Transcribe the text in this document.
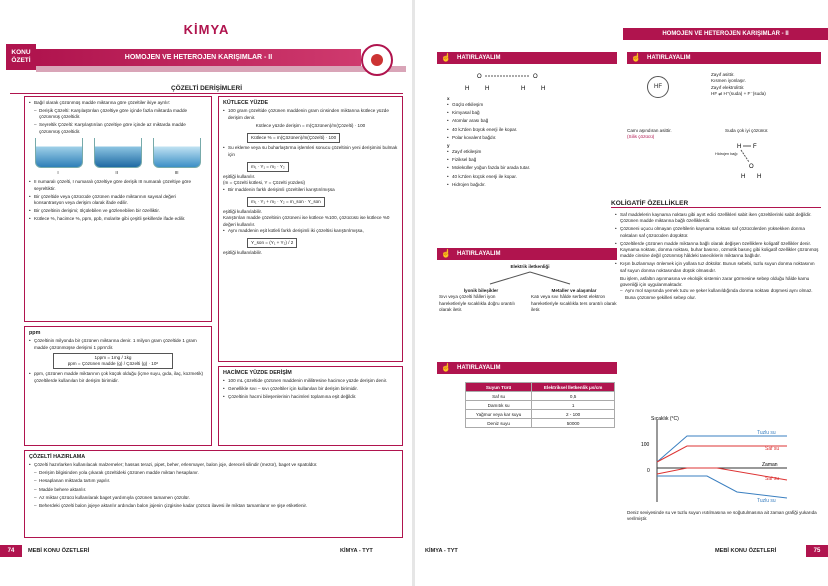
KİMYA
KONU ÖZETİ	HOMOJEN VE HETEROJEN KARIŞIMLAR - II
ÇÖZELTİ DERİŞİMLERİ
• Bağıl olarak çözünmüş madde miktarına göre çözeltiler ikiye ayrılır:
– Derişik Çözelti: Karşılaştırılan çözeltiye göre içinde fazla miktarda madde çözünmüş çözeltidir.
– Seyreltik Çözelti: Karşılaştırılan çözeltiye göre içinde az miktarda madde çözünmüş çözeltidir.
I	II	III
• II numaralı çözelti, I numaralı çözeltiye göre derişik III numaralı çözeltiye göre seyreltiktir.
• Bir çözeltide veya çözücüde çözünen madde miktarının sayısal değeri konsantrasyon veya derişim olarak ifade edilir.
• Bir çözeltinin derişimi; ölçülebilen ve gözlenebilen bir özelliktir.
• Kütlece %, hacimce %, ppm, ppb, molarite gibi çeşitli şekillerde ifade edilir.
ppm
• Çözeltinin milyonda bir çözünen miktarına denir. 1 milyon gram çözeltide 1 gram madde çözünmüşse derişimi 1 ppm'dir.
1ppm = 1mg / 1kg
ppm = Çözünen madde (g) / Çözelti (g) · 10⁶
• ppm, çözünen madde miktarının çok küçük olduğu (içme suyu, gıda, ilaç, kozmetik) çözeltilerde kullanılan bir derişim birimidir.
KÜTLECE YÜZDE
• 100 gram çözeltide çözünen maddenin gram cinsinden miktarına kütlece yüzde derişim denir.
Kütlece yüzde derişim = m(Çözünen)/m(Çözelti) · 100
Kütlece % = m(Çözünen)/m(Çözelti) · 100
• Su ekleme veya su buharlaştırma işlemleri sonucu çözeltinin yeni derişimini bulmak için
m₁ · Y₁ = m₂ · Y₂
eşitliği kullanılır.
(m = Çözelti kütlesi, Y = Çözelti yüzdesi)
• Bir maddenin farklı derişimli çözeltileri karıştırılmışsa
m₁ · Y₁ + m₂ · Y₂ = m_son · Y_son
eşitliği kullanılabilir.
Karıştırılan madde çözeltinin çözüneni ise kütlece %100, çözücüsü ise kütlece %0 değeri kullanılır.
• Aynı maddenin eşit kütleli farklı derişimli iki çözeltisi karıştırılmışsa,
Y_son = (Y₁ + Y₂) / 2
eşitliği kullanılabilir.
HACİMCE YÜZDE DERİŞİM
• 100 mL çözeltide çözünen maddenin mililitresine hacimce yüzde derişim denir.
• Genellikle sıvı – sıvı çözeltiler için kullanılan bir derişim birimidir.
• Çözeltinin hacmi bileşenlerinin hacimleri toplamına eşit değildir.
ÇÖZELTİ HAZIRLAMA
• Çözelti hazırlarken kullanılacak malzemeler; hassas terazi, pipet, beher, erlenmayer, balon joje, dereceli silindir (mezür), baget ve spatüldür.
– Derişim bilgisinden yola çıkarak çözeltideki çözünen madde miktarı hesaplanır.
– Hesaplanan miktarda tartım yapılır.
– Madde behere aktarılır.
– Az miktar çözücü kullanılarak baget yardımıyla çözünen tamamen çözülür.
– Beherdeki çözelti balon jojeye aktarılır ardından balon jojenin çizgisine kadar çözücü ilavesi ile miktarı tamamlanır ve şişe etiketlenir.
74	MEBİ KONU ÖZETLERİ	KİMYA - TYT
HOMOJEN VE HETEROJEN KARIŞIMLAR - II
☝ HATIRLAYALIM
O
H	H
O
H	H
x
• Güçlü etkileşim
• Kimyasal bağ
• Atomlar arası bağ
• 40 kJ'den büyük enerji ile kopar.
• Polar kovalent bağdır.
y
• Zayıf etkileşim
• Fiziksel bağ
• Moleküller yoğun fazda bir arada tutar.
• 40 kJ'den küçük enerji ile kopar.
• Hidrojen bağıdır.
☝ HATIRLAYALIM
Elektrik iletkenliği
İyonik bileşikler
Sıvı veya çözelti hâlleri iyon hareketleriyle sıcaklıkla doğru orantılı olarak iletir.
Metaller ve alaşımlar
Katı veya sıvı hâlde serbest elektron hareketleriyle sıcaklıkla ters orantılı olarak iletir.
☝ HATIRLAYALIM
Suyun Türü	Elektriksel İletkenlik μs/cm
Saf su	0,5
Damıtık su	1
Yağmur veya kar suyu	2 - 100
Deniz suyu	50000
☝ HATIRLAYALIM
HF
Zayıf asittir.
Kısmen iyonlaşır.
Zayıf elektrolittir.
HF ⇌ H⁺(suda) + F⁻(suda)
Camı aşındıran asittir.
(Silis çözücü)
Suda çok iyi çözünür.
Hidrojen bağı
H F
O
H H
KOLİGATİF ÖZELLİKLER
• Saf maddelerin kaynama noktası gibi ayırt edici özellikleri sabit iken çözeltilerinki sabit değildir. Çözünen madde miktarına bağlı özelliklerdir.
• Çözüneni uçucu olmayan çözeltilerin kaynama noktası saf çözücülerden yüksekken donma noktaları saf çözücüden düşüktür.
• Çözeltilerde çözünen madde miktarına bağlı olarak değişen özelliklere koligatif özellikler denir. Kaynama noktası, donma noktası, buhar basıncı, ozmotik basınç gibi koligatif özellikler çözünmüş madde cinsine değil çözünmüş hâldeki taneciklerin miktarına bağlıdır.
• Kışın buzlanmayı önlemek için yollara tuz dökülür. Bunun sebebi, tuzlu suyun donma noktasının saf suyun donma noktasından düşük olmasıdır.
Bu işlem, asfaltın aşınmasına ve ekolojik sistemin zarar görmesine sebep olduğu hâlde kamu güvenliği için uygulanmaktadır.
– Aynı mol sayısında yemek tuzu ve şeker kullanıldığında donma noktası düşmesi aynı olmaz. Buna çözünme şekilleri sebep olur.
Sıcaklık (°C)
Zaman
100
0
Tuzlu su
Saf su
Saf su
Tuzlu su
Deniz seviyesinde su ve tuzlu suyun ısıtılmasına ve soğutulmasına ait zaman grafiği yukarıda verilmiştir.
KİMYA - TYT	MEBİ KONU ÖZETLERİ	75
